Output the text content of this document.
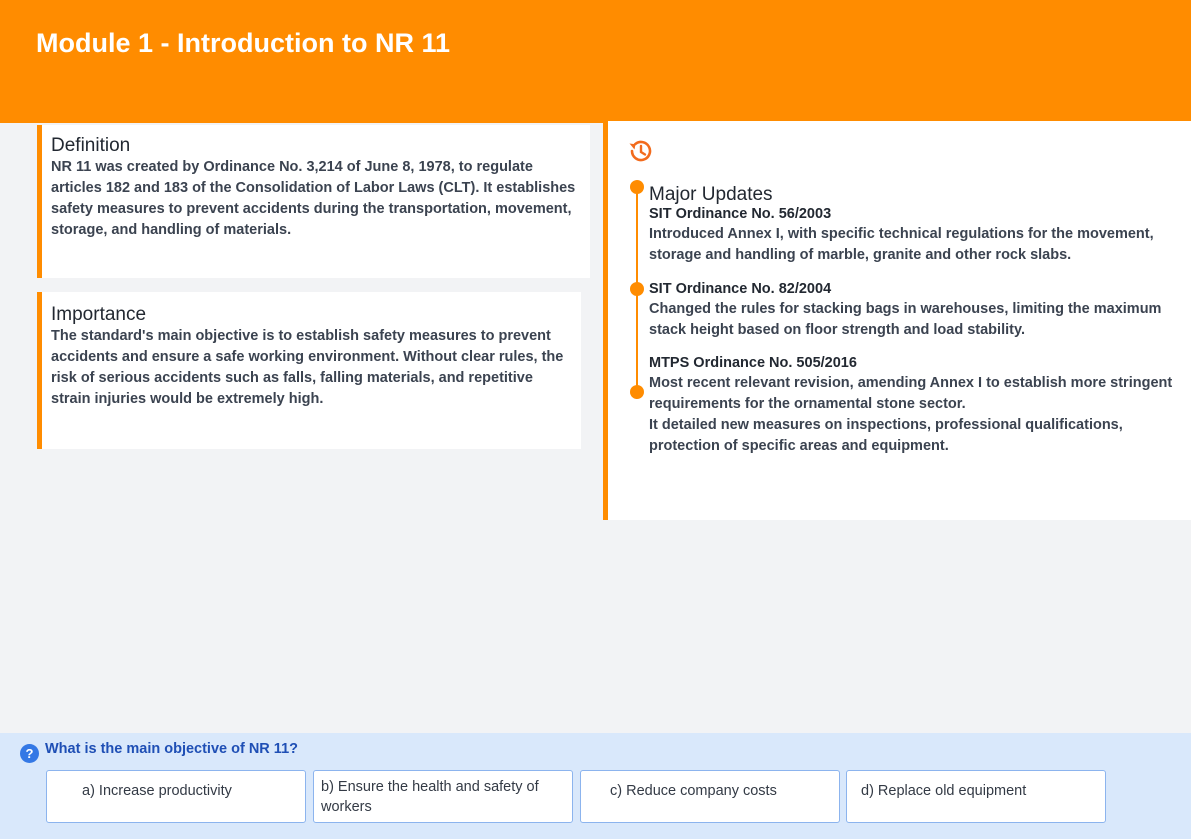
Module 1 - Introduction to NR 11
Definition

NR 11 was created by Ordinance No. 3,214 of June 8, 1978, to regulate articles 182 and 183 of the Consolidation of Labor Laws (CLT). It establishes safety measures to prevent accidents during the transportation, movement, storage, and handling of materials.

Importance

The standard's main objective is to establish safety measures to prevent accidents and ensure a safe working environment. Without clear rules, the risk of serious accidents such as falls, falling materials, and repetitive strain injuries would be extremely high.

Major Updates
SIT Ordinance No. 56/2003
Introduced Annex I, with specific technical regulations for the movement, storage and handling of marble, granite and other rock slabs.
SIT Ordinance No. 82/2004
Changed the rules for stacking bags in warehouses, limiting the maximum stack height based on floor strength and load stability.
MTPS Ordinance No. 505/2016
Most recent relevant revision, amending Annex I to establish more stringent requirements for the ornamental stone sector.
It detailed new measures on inspections, professional qualifications, protection of specific areas and equipment.
? What is the main objective of NR 11?
a) Increase productivity	b) Ensure the health and safety of workers
c) Reduce company costs	d) Replace old equipment
